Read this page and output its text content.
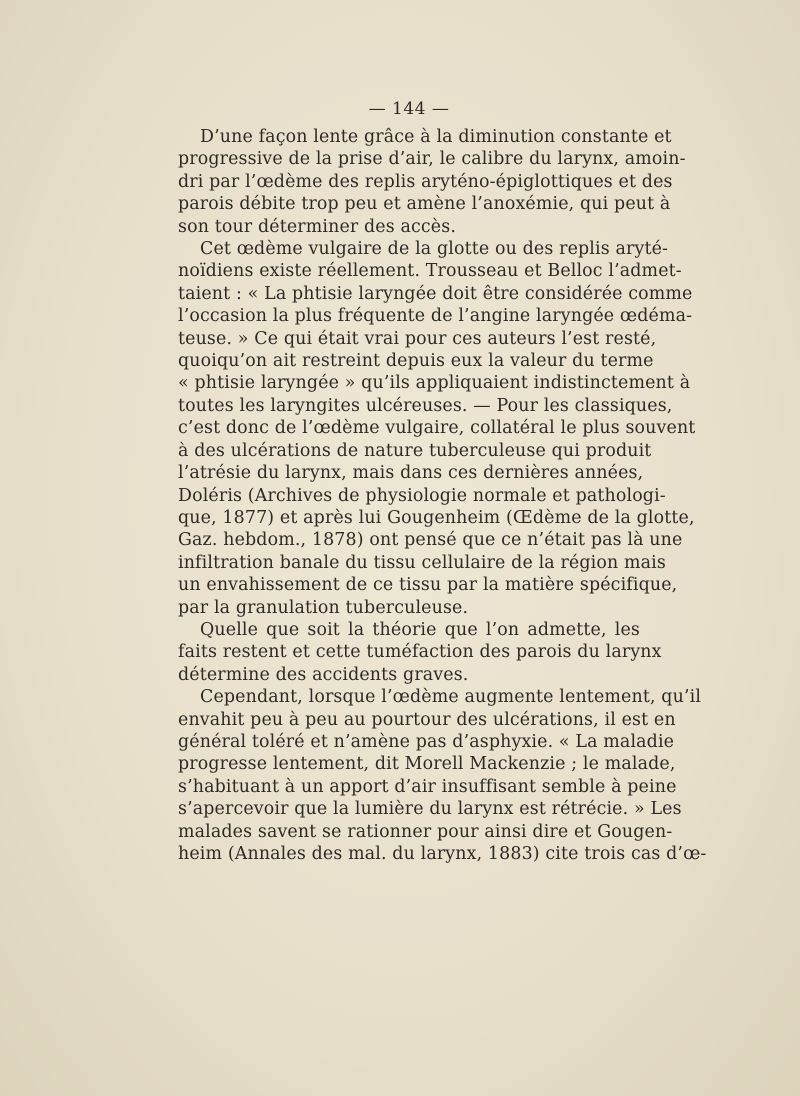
— 144 —
D’une façon lente grâce à la diminution constante et
progressive de la prise d’air, le calibre du larynx, amoin-
dri par l’œdème des replis aryténo-épiglottiques et des
parois débite trop peu et amène l’anoxémie, qui peut à
son tour déterminer des accès.
Cet œdème vulgaire de la glotte ou des replis aryté-
noïdiens existe réellement. Trousseau et Belloc l’admet-
taient : « La phtisie laryngée doit être considérée comme
l’occasion la plus fréquente de l’angine laryngée œdéma-
teuse. » Ce qui était vrai pour ces auteurs l’est resté,
quoiqu’on ait restreint depuis eux la valeur du terme
« phtisie laryngée » qu’ils appliquaient indistinctement à
toutes les laryngites ulcéreuses. — Pour les classiques,
c’est donc de l’œdème vulgaire, collatéral le plus souvent
à des ulcérations de nature tuberculeuse qui produit
l’atrésie du larynx, mais dans ces dernières années,
Doléris (Archives de physiologie normale et pathologi-
que, 1877) et après lui Gougenheim (Œdème de la glotte,
Gaz. hebdom., 1878) ont pensé que ce n’était pas là une
infiltration banale du tissu cellulaire de la région mais
un envahissement de ce tissu par la matière spécifique,
par la granulation tuberculeuse.
Quelle que soit la théorie que l’on admette, les
faits restent et cette tuméfaction des parois du larynx
détermine des accidents graves.
Cependant, lorsque l’œdème augmente lentement, qu’il
envahit peu à peu au pourtour des ulcérations, il est en
général toléré et n’amène pas d’asphyxie. « La maladie
progresse lentement, dit Morell Mackenzie ; le malade,
s’habituant à un apport d’air insuffisant semble à peine
s’apercevoir que la lumière du larynx est rétrécie. » Les
malades savent se rationner pour ainsi dire et Gougen-
heim (Annales des mal. du larynx, 1883) cite trois cas d’œ-
